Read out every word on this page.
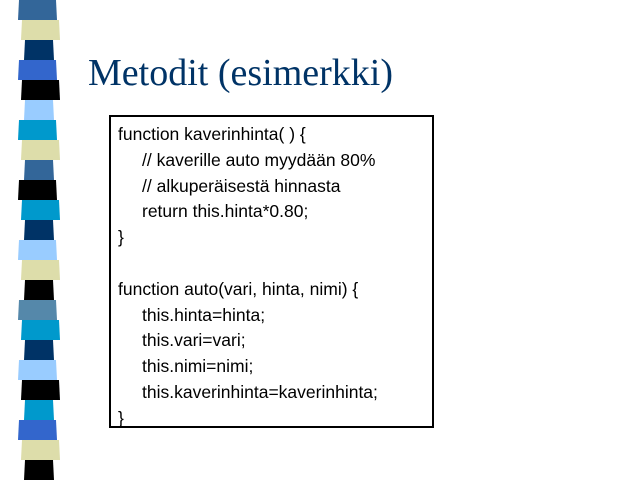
Metodit (esimerkki)
function kaverinhinta( ) {
// kaverille auto myydään 80%
// alkuperäisestä hinnasta
return this.hinta*0.80;
}
function auto(vari, hinta, nimi) {
this.hinta=hinta;
this.vari=vari;
this.nimi=nimi;
this.kaverinhinta=kaverinhinta;
}
